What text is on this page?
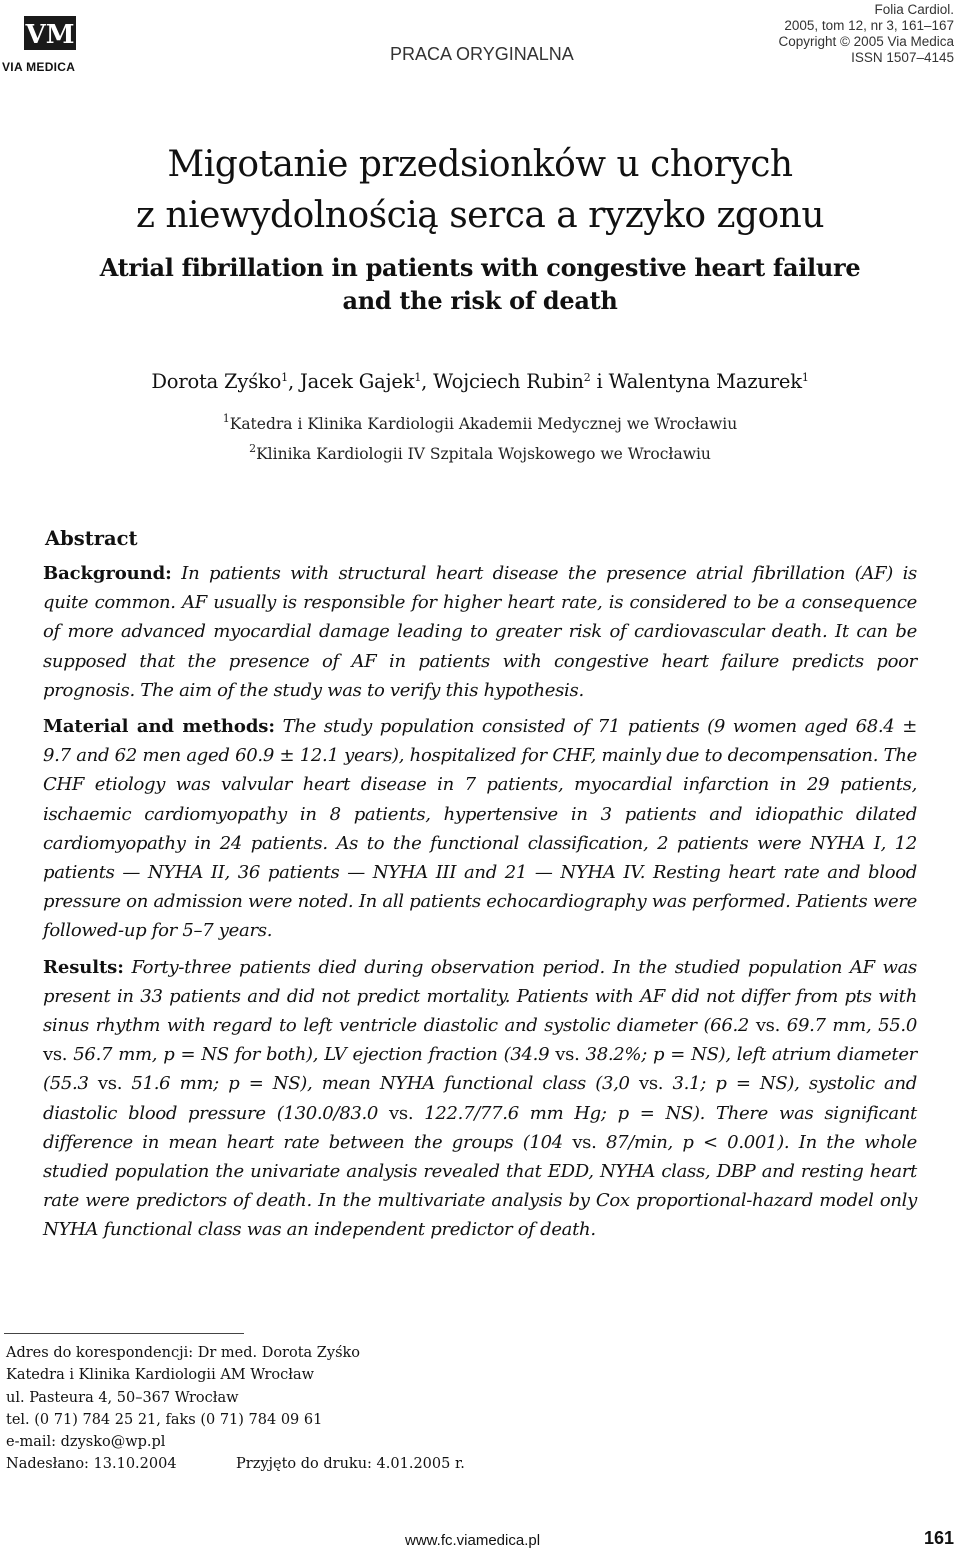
VM
VIA MEDICA
PRACA ORYGINALNA
Folia Cardiol.
2005, tom 12, nr 3, 161–167
Copyright © 2005 Via Medica
ISSN 1507–4145
Migotanie przedsionków u chorych
z niewydolnością serca a ryzyko zgonu
Atrial fibrillation in patients with congestive heart failure
and the risk of death
Dorota Zyśko$^1$, Jacek Gajek$^1$, Wojciech Rubin$^2$ i Walentyna Mazurek$^1$
$^1$Katedra i Klinika Kardiologii Akademii Medycznej we Wrocławiu
$^2$Klinika Kardiologii IV Szpitala Wojskowego we Wrocławiu
Abstract

Background: In patients with structural heart disease the presence atrial fibrillation (AF) is quite common. AF usually is responsible for higher heart rate, is considered to be a consequence of more advanced myocardial damage leading to greater risk of cardiovascular death. It can be supposed that the presence of AF in patients with congestive heart failure predicts poor prognosis. The aim of the study was to verify this hypothesis.

Material and methods: The study population consisted of 71 patients (9 women aged 68.4 ± 9.7 and 62 men aged 60.9 ± 12.1 years), hospitalized for CHF, mainly due to decompensation. The CHF etiology was valvular heart disease in 7 patients, myocardial infarction in 29 patients, ischaemic cardiomyopathy in 8 patients, hypertensive in 3 patients and idiopathic dilated cardiomyopathy in 24 patients. As to the functional classification, 2 patients were NYHA I, 12 patients — NYHA II, 36 patients — NYHA III and 21 — NYHA IV. Resting heart rate and blood pressure on admission were noted. In all patients echocardiography was performed. Patients were followed-up for 5–7 years.

Results: Forty-three patients died during observation period. In the studied population AF was present in 33 patients and did not predict mortality. Patients with AF did not differ from pts with sinus rhythm with regard to left ventricle diastolic and systolic diameter (66.2 vs. 69.7 mm, 55.0 vs. 56.7 mm, p = NS for both), LV ejection fraction (34.9 vs. 38.2%; p = NS), left atrium diameter (55.3 vs. 51.6 mm; p = NS), mean NYHA functional class (3,0 vs. 3.1; p = NS), systolic and diastolic blood pressure (130.0/83.0 vs. 122.7/77.6 mm Hg; p = NS). There was significant difference in mean heart rate between the groups (104 vs. 87/min, p < 0.001). In the whole studied population the univariate analysis revealed that EDD, NYHA class, DBP and resting heart rate were predictors of death. In the multivariate analysis by Cox proportional-hazard model only NYHA functional class was an independent predictor of death.

Adres do korespondencji: Dr med. Dorota Zyśko
Katedra i Klinika Kardiologii AM Wrocław
ul. Pasteura 4, 50–367 Wrocław
tel. (0 71) 784 25 21, faks (0 71) 784 09 61
e-mail: dzysko@wp.pl
Nadesłano: 13.10.2004	Przyjęto do druku: 4.01.2005 r.
www.fc.viamedica.pl	161
